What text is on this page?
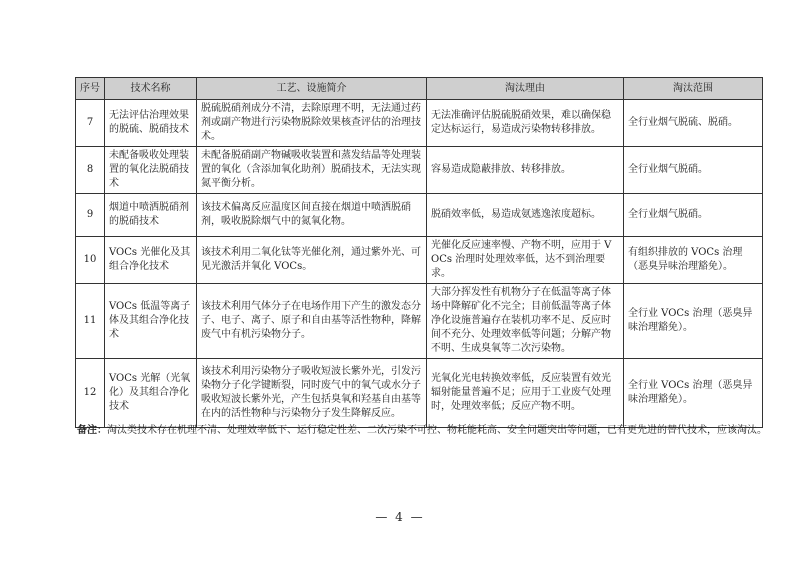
序号	技术名称	工艺、设施简介	淘汰理由	淘汰范围
7	无法评估治理效果的脱硫、脱硝技术	脱硫脱硝剂成分不清，去除原理不明，无法通过药剂或副产物进行污染物脱除效果核查评估的治理技术。	无法准确评估脱硫脱硝效果，难以确保稳定达标运行，易造成污染物转移排放。	全行业烟气脱硫、脱硝。
8	未配备吸收处理装置的氧化法脱硝技术	未配备脱硝副产物碱吸收装置和蒸发结晶等处理装置的氧化（含添加氧化助剂）脱硝技术，无法实现氮平衡分析。	容易造成隐蔽排放、转移排放。	全行业烟气脱硝。
9	烟道中喷洒脱硝剂的脱硝技术	该技术偏离反应温度区间直接在烟道中喷洒脱硝剂，吸收脱除烟气中的氮氧化物。	脱硝效率低，易造成氨逃逸浓度超标。	全行业烟气脱硝。
10	VOCs 光催化及其组合净化技术	该技术利用二氧化钛等光催化剂，通过紫外光、可见光激活并氧化 VOCs。	光催化反应速率慢、产物不明，应用于 VOCs 治理时处理效率低，达不到治理要求。	有组织排放的 VOCs 治理（恶臭异味治理豁免）。
11	VOCs 低温等离子体及其组合净化技术	该技术利用气体分子在电场作用下产生的激发态分子、电子、离子、原子和自由基等活性物种，降解废气中有机污染物分子。	大部分挥发性有机物分子在低温等离子体场中降解矿化不完全；目前低温等离子体净化设施普遍存在装机功率不足、反应时间不充分、处理效率低等问题；分解产物不明、生成臭氧等二次污染物。	全行业 VOCs 治理（恶臭异味治理豁免）。
12	VOCs 光解（光氧化）及其组合净化技术	该技术利用污染物分子吸收短波长紫外光，引发污染物分子化学键断裂，同时废气中的氧气或水分子吸收短波长紫外光，产生包括臭氧和羟基自由基等在内的活性物种与污染物分子发生降解反应。	光氧化光电转换效率低，反应装置有效光辐射能量普遍不足；应用于工业废气处理时，处理效率低；反应产物不明。	全行业 VOCs 治理（恶臭异味治理豁免）。
备注：淘汰类技术存在机理不清、处理效率低下、运行稳定性差、二次污染不可控、物耗能耗高、安全问题突出等问题，已有更先进的替代技术，应该淘汰。
— 4 —
